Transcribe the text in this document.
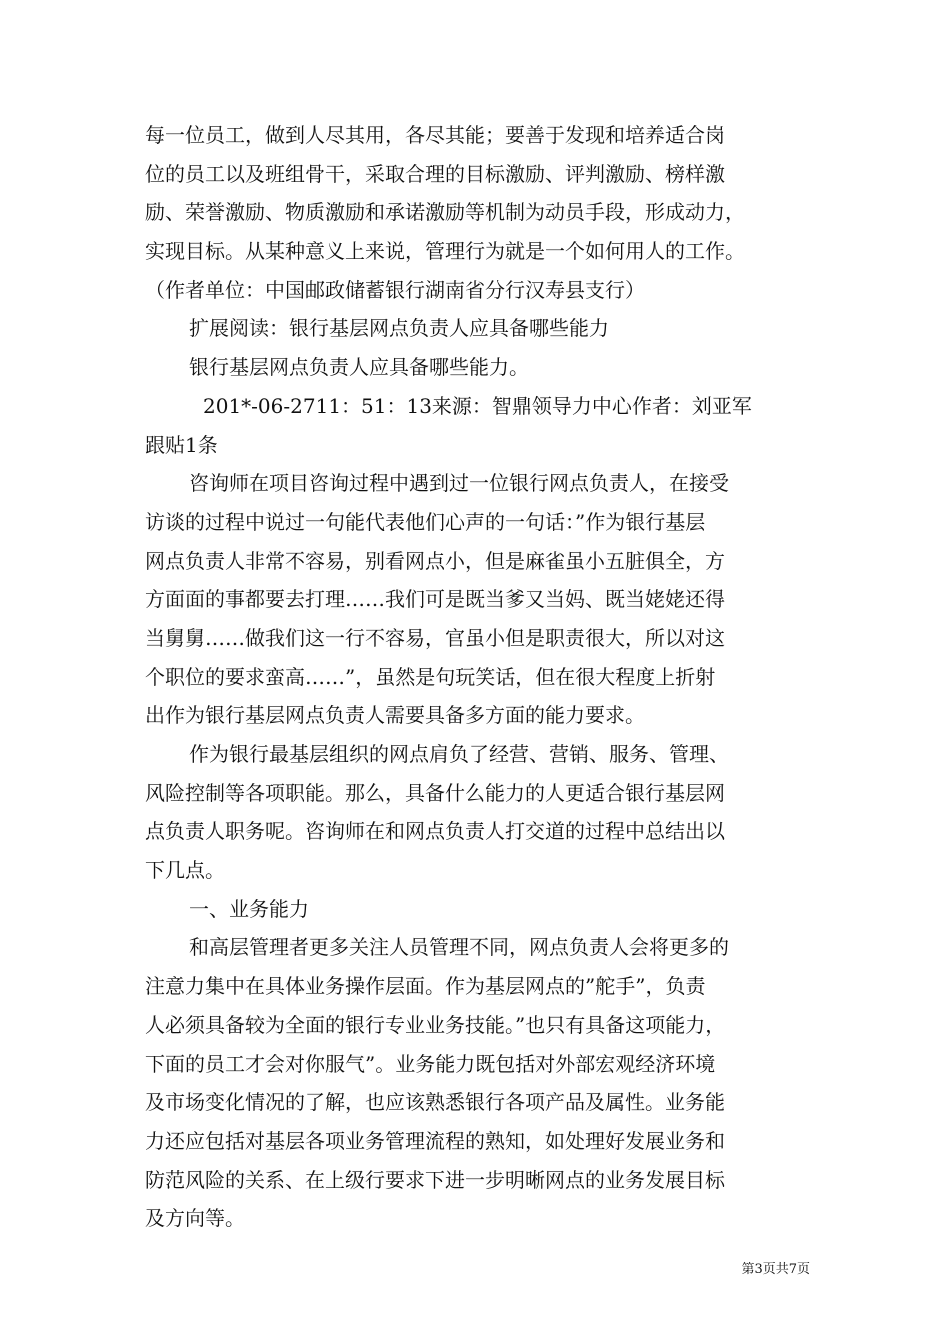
每一位员工，做到人尽其用，各尽其能；要善于发现和培养适合岗
位的员工以及班组骨干，采取合理的目标激励、评判激励、榜样激
励、荣誉激励、物质激励和承诺激励等机制为动员手段，形成动力，
实现目标。从某种意义上来说，管理行为就是一个如何用人的工作。
（作者单位：中国邮政储蓄银行湖南省分行汉寿县支行）
扩展阅读：银行基层网点负责人应具备哪些能力
银行基层网点负责人应具备哪些能力。
201*-06-2711：51：13来源：智鼎领导力中心作者：刘亚军
跟贴1条
咨询师在项目咨询过程中遇到过一位银行网点负责人，在接受
访谈的过程中说过一句能代表他们心声的一句话：”作为银行基层
网点负责人非常不容易，别看网点小，但是麻雀虽小五脏俱全，方
方面面的事都要去打理……我们可是既当爹又当妈、既当姥姥还得
当舅舅……做我们这一行不容易，官虽小但是职责很大，所以对这
个职位的要求蛮高……”，虽然是句玩笑话，但在很大程度上折射
出作为银行基层网点负责人需要具备多方面的能力要求。
作为银行最基层组织的网点肩负了经营、营销、服务、管理、
风险控制等各项职能。那么，具备什么能力的人更适合银行基层网
点负责人职务呢。咨询师在和网点负责人打交道的过程中总结出以
下几点。
一、业务能力
和高层管理者更多关注人员管理不同，网点负责人会将更多的
注意力集中在具体业务操作层面。作为基层网点的”舵手”，负责
人必须具备较为全面的银行专业业务技能。”也只有具备这项能力，
下面的员工才会对你服气”。业务能力既包括对外部宏观经济环境
及市场变化情况的了解，也应该熟悉银行各项产品及属性。业务能
力还应包括对基层各项业务管理流程的熟知，如处理好发展业务和
防范风险的关系、在上级行要求下进一步明晰网点的业务发展目标
及方向等。
第3页共7页
